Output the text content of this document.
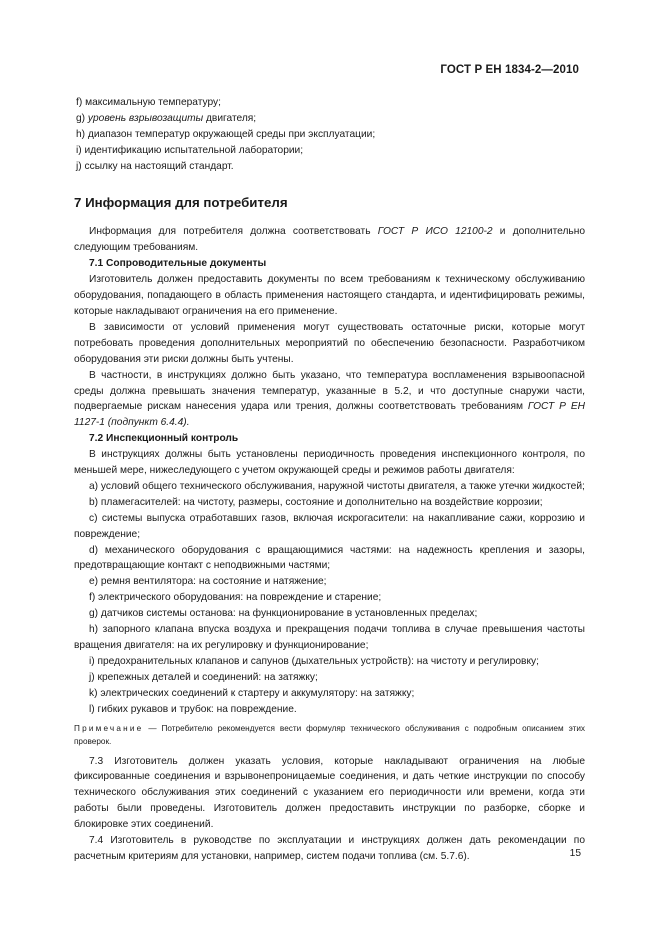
ГОСТ Р ЕН 1834-2—2010

f) максимальную температуру;

g) уровень взрывозащиты двигателя;

h) диапазон температур окружающей среды при эксплуатации;

i) идентификацию испытательной лаборатории;

j) ссылку на настоящий стандарт.

7 Информация для потребителя

Информация для потребителя должна соответствовать ГОСТ Р ИСО 12100-2 и дополнительно следующим требованиям.

7.1 Сопроводительные документы

Изготовитель должен предоставить документы по всем требованиям к техническому обслуживанию оборудования, попадающего в область применения настоящего стандарта, и идентифицировать режимы, которые накладывают ограничения на его применение.

В зависимости от условий применения могут существовать остаточные риски, которые могут потребовать проведения дополнительных мероприятий по обеспечению безопасности. Разработчиком оборудования эти риски должны быть учтены.

В частности, в инструкциях должно быть указано, что температура воспламенения взрывоопасной среды должна превышать значения температур, указанные в 5.2, и что доступные снаружи части, подвергаемые рискам нанесения удара или трения, должны соответствовать требованиям ГОСТ Р ЕН 1127-1 (подпункт 6.4.4).

7.2 Инспекционный контроль

В инструкциях должны быть установлены периодичность проведения инспекционного контроля, по меньшей мере, нижеследующего с учетом окружающей среды и режимов работы двигателя:

a) условий общего технического обслуживания, наружной чистоты двигателя, а также утечки жидкостей;

b) пламегасителей: на чистоту, размеры, состояние и дополнительно на воздействие коррозии;

c) системы выпуска отработавших газов, включая искрогасители: на накапливание сажи, коррозию и повреждение;

d) механического оборудования с вращающимися частями: на надежность крепления и зазоры, предотвращающие контакт с неподвижными частями;

e) ремня вентилятора: на состояние и натяжение;

f) электрического оборудования: на повреждение и старение;

g) датчиков системы останова: на функционирование в установленных пределах;

h) запорного клапана впуска воздуха и прекращения подачи топлива в случае превышения частоты вращения двигателя: на их регулировку и функционирование;

i) предохранительных клапанов и сапунов (дыхательных устройств): на чистоту и регулировку;

j) крепежных деталей и соединений: на затяжку;

k) электрических соединений к стартеру и аккумулятору: на затяжку;

l) гибких рукавов и трубок: на повреждение.

Примечание — Потребителю рекомендуется вести формуляр технического обслуживания с подробным описанием этих проверок.

7.3 Изготовитель должен указать условия, которые накладывают ограничения на любые фиксированные соединения и взрывонепроницаемые соединения, и дать четкие инструкции по способу технического обслуживания этих соединений с указанием его периодичности или времени, когда эти работы были проведены. Изготовитель должен предоставить инструкции по разборке, сборке и блокировке этих соединений.

7.4 Изготовитель в руководстве по эксплуатации и инструкциях должен дать рекомендации по расчетным критериям для установки, например, систем подачи топлива (см. 5.7.6).	15
